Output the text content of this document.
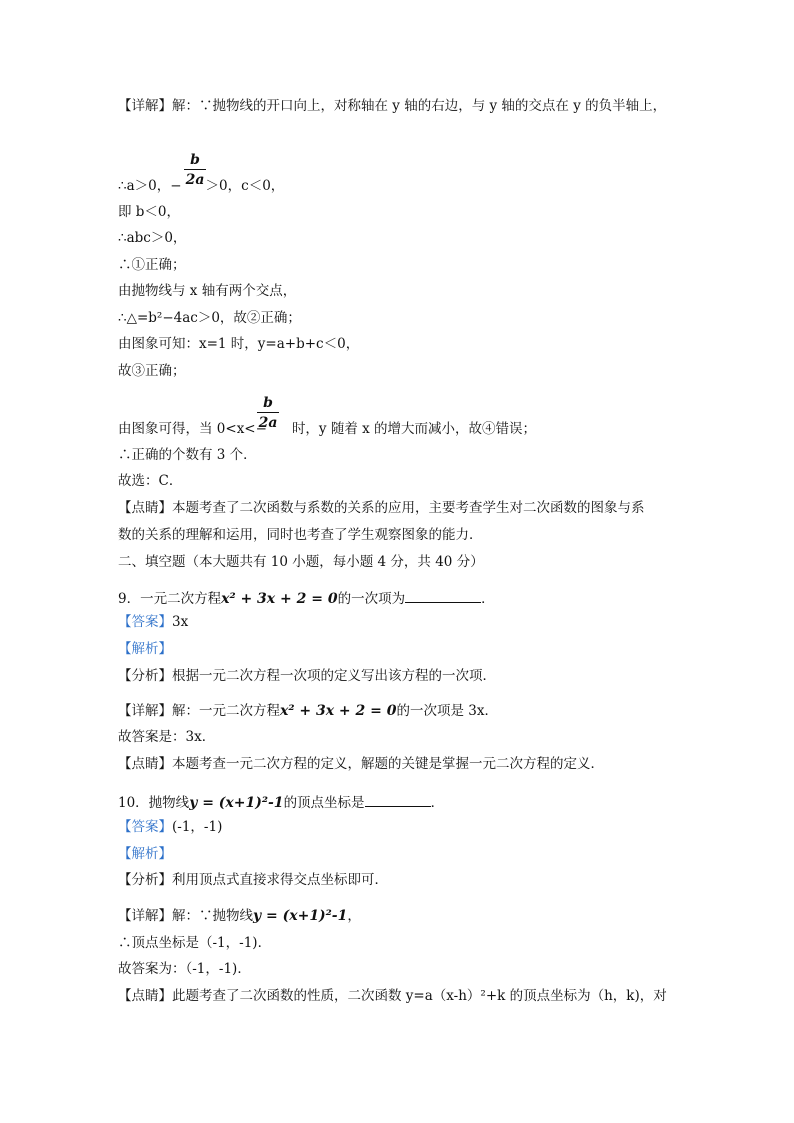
【详解】解：∵抛物线的开口向上，对称轴在 y 轴的右边，与 y 轴的交点在 y 的负半轴上，
b
2a
∴a＞0，− ＞0，c＜0，
即 b＜0，
∴abc＞0，
∴①正确；
由抛物线与 x 轴有两个交点，
∴△=b²−4ac＞0，故②正确；
由图象可知：x=1 时，y=a+b+c＜0，
故③正确；
b
2a
由图象可得，当 0<x<− 时，y 随着 x 的增大而减小，故④错误；
∴正确的个数有 3 个．
故选：C．
【点睛】本题考查了二次函数与系数的关系的应用，主要考查学生对二次函数的图象与系
数的关系的理解和运用，同时也考查了学生观察图象的能力．
二、填空题（本大题共有 10 小题，每小题 4 分，共 40 分）
9．一元二次方程x² + 3x + 2 = 0的一次项为	．
【答案】3x
【解析】
【分析】根据一元二次方程一次项的定义写出该方程的一次项．
【详解】解：一元二次方程x² + 3x + 2 = 0的一次项是 3x．
故答案是：3x．
【点睛】本题考查一元二次方程的定义，解题的关键是掌握一元二次方程的定义．
10．抛物线y = (x+1)²-1的顶点坐标是	．
【答案】(-1，-1)
【解析】
【分析】利用顶点式直接求得交点坐标即可．
【详解】解：∵抛物线y = (x+1)²-1，
∴顶点坐标是（-1，-1)．
故答案为：（-1，-1)．
【点睛】此题考查了二次函数的性质，二次函数 y=a（x-h）²+k 的顶点坐标为（h，k)，对
